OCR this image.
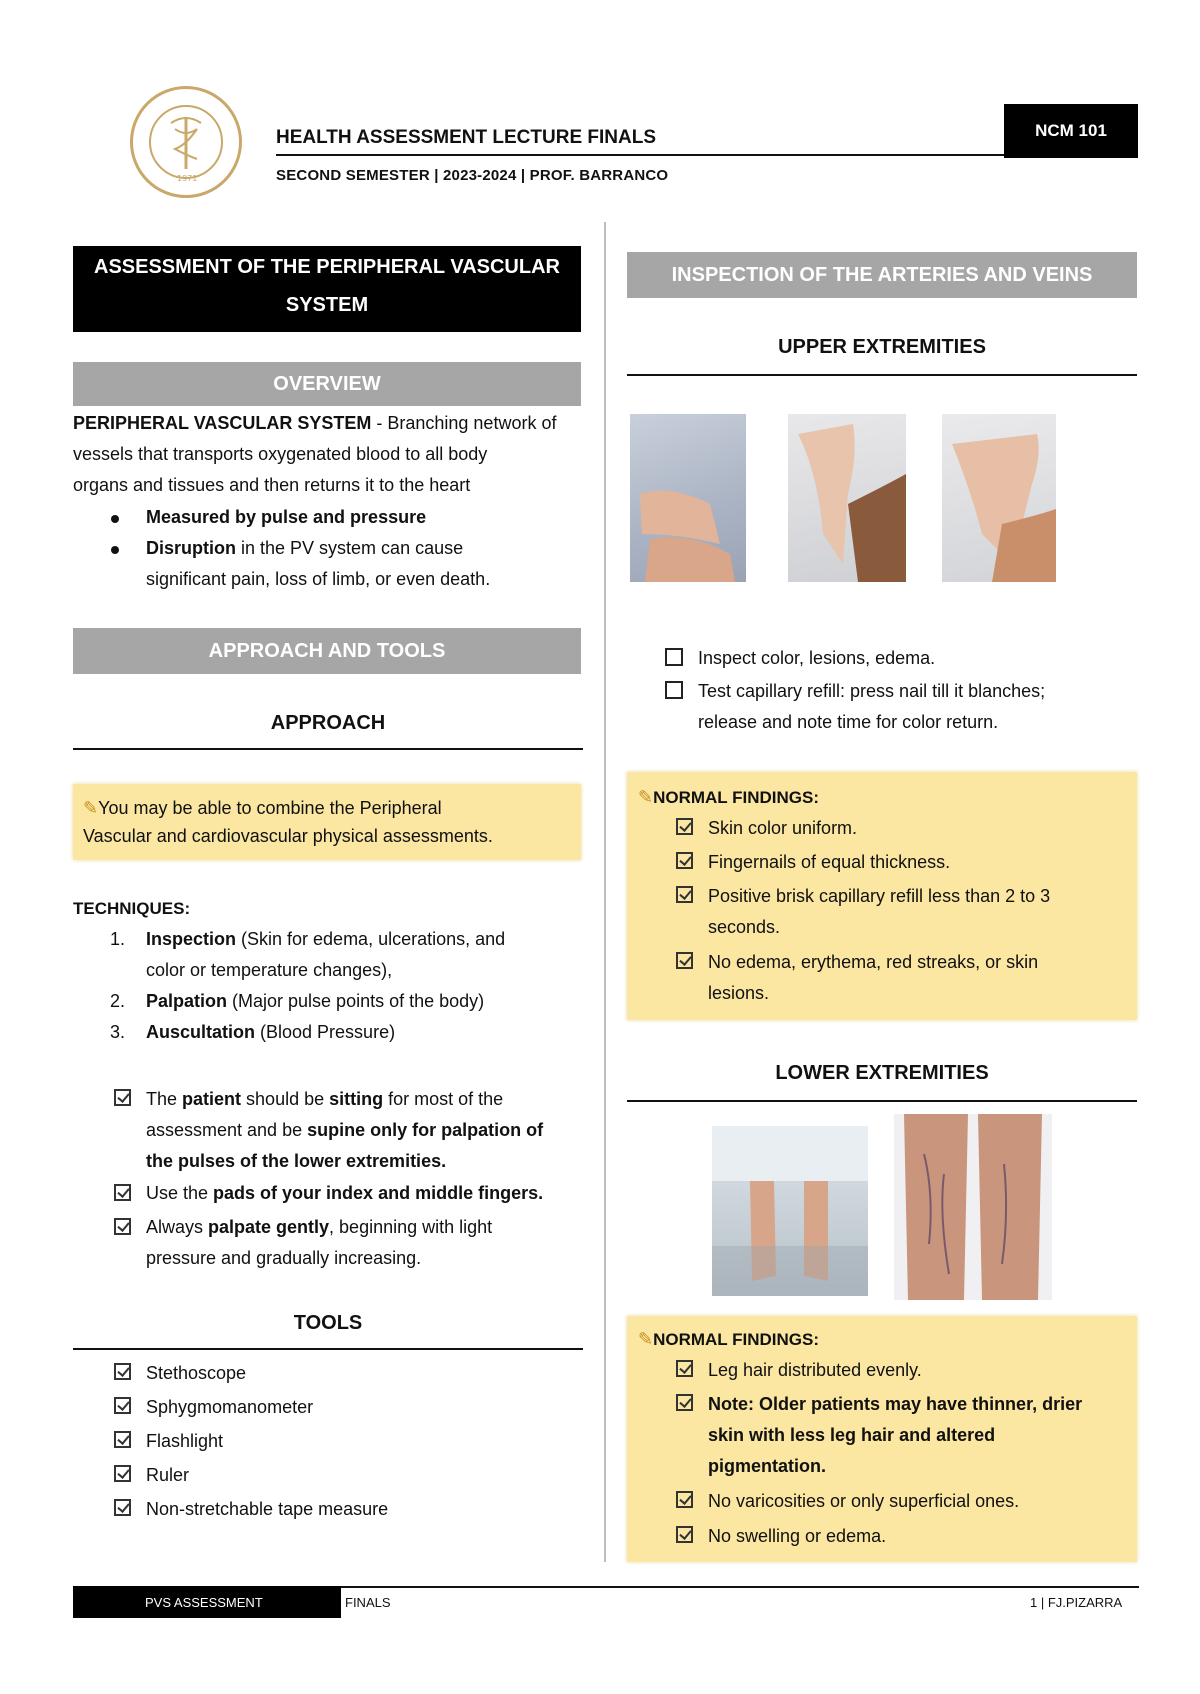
1971
HEALTH ASSESSMENT LECTURE FINALS
SECOND SEMESTER | 2023-2024 | PROF. BARRANCO
NCM 101
ASSESSMENT OF THE PERIPHERAL VASCULAR
SYSTEM
OVERVIEW
PERIPHERAL VASCULAR SYSTEM - Branching network of
vessels that transports oxygenated blood to all body
organs and tissues and then returns it to the heart
Measured by pulse and pressure
Disruption in the PV system can cause
significant pain, loss of limb, or even death.
APPROACH AND TOOLS
APPROACH
✎You may be able to combine the Peripheral
Vascular and cardiovascular physical assessments.
TECHNIQUES:
1. Inspection (Skin for edema, ulcerations, and
color or temperature changes),
2. Palpation (Major pulse points of the body)
3. Auscultation (Blood Pressure)
The patient should be sitting for most of the
assessment and be supine only for palpation of
the pulses of the lower extremities.
Use the pads of your index and middle fingers.
Always palpate gently, beginning with light
pressure and gradually increasing.
TOOLS
Stethoscope
Sphygmomanometer
Flashlight
Ruler
Non-stretchable tape measure
INSPECTION OF THE ARTERIES AND VEINS
UPPER EXTREMITIES
Inspect color, lesions, edema.
Test capillary refill: press nail till it blanches;
release and note time for color return.
✎NORMAL FINDINGS:
Skin color uniform.
Fingernails of equal thickness.
Positive brisk capillary refill less than 2 to 3
seconds.
No edema, erythema, red streaks, or skin
lesions.
LOWER EXTREMITIES
✎NORMAL FINDINGS:
Leg hair distributed evenly.
Note: Older patients may have thinner, drier
skin with less leg hair and altered
pigmentation.
No varicosities or only superficial ones.
No swelling or edema.
PVS ASSESSMENT	FINALS	1 | FJ.PIZARRA
